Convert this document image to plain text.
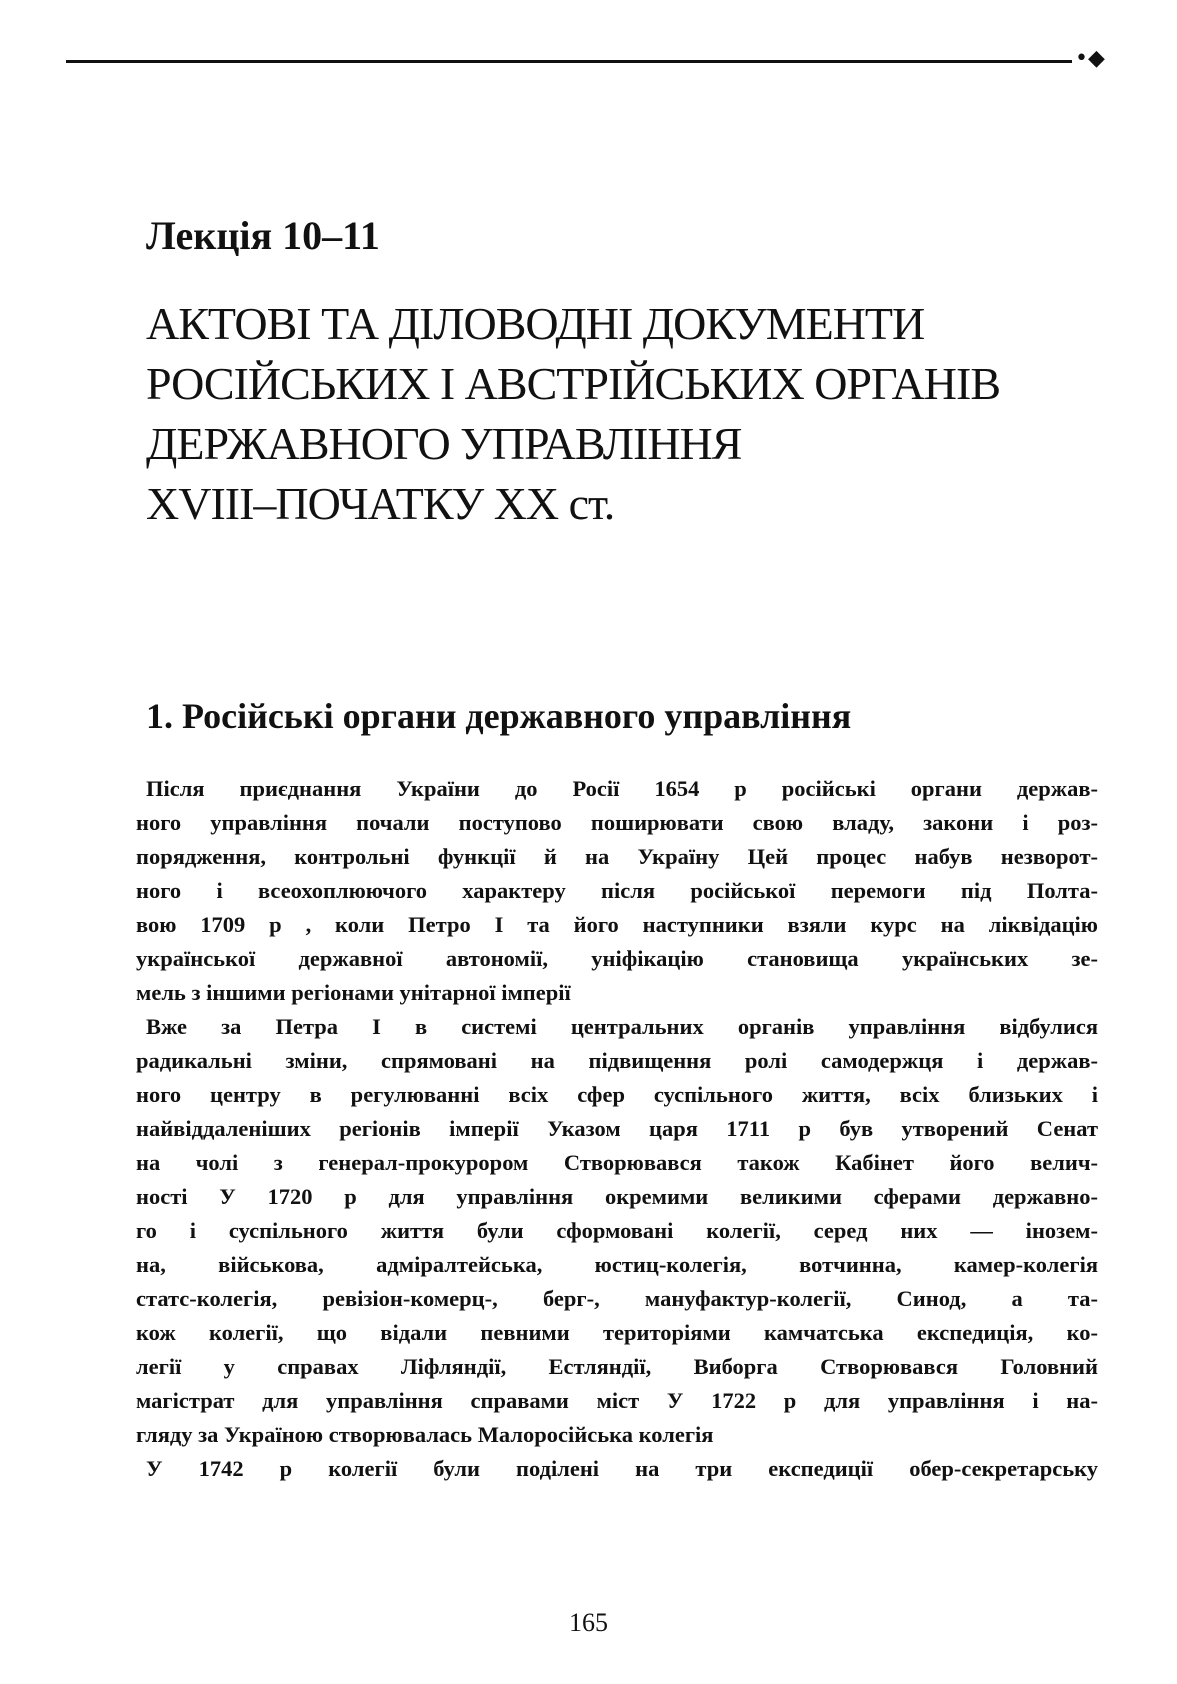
•◆
Лекція 10–11
АКТОВІ ТА ДІЛОВОДНІ ДОКУМЕНТИ
РОСІЙСЬКИХ І АВСТРІЙСЬКИХ ОРГАНІВ
ДЕРЖАВНОГО УПРАВЛІННЯ
XVIII–ПОЧАТКУ XX ст.
1. Російські органи державного управління
Після приєднання України до Росії 1654 р російські органи держав-
ного управління почали поступово поширювати свою владу, закони і роз-
порядження, контрольні функції й на Україну Цей процес набув незворот-
ного і всеохоплюючого характеру після російської перемоги під Полта-
вою 1709 р , коли Петро І та його наступники взяли курс на ліквідацію
української державної автономії, уніфікацію становища українських зе-
мель з іншими регіонами унітарної імперії
Вже за Петра І в системі центральних органів управління відбулися
радикальні зміни, спрямовані на підвищення ролі самодержця і держав-
ного центру в регулюванні всіх сфер суспільного життя, всіх близьких і
найвіддаленіших регіонів імперії Указом царя 1711 р був утворений Сенат
на чолі з генерал-прокурором Створювався також Кабінет його велич-
ності У 1720 р для управління окремими великими сферами державно-
го і суспільного життя були сформовані колегії, серед них — інозем-
на, військова, адміралтейська, юстиц-колегія, вотчинна, камер-колегія
статс-колегія, ревізіон-комерц-, берг-, мануфактур-колегії, Синод, а та-
кож колегії, що відали певними територіями камчатська експедиція, ко-
легії у справах Ліфляндії, Естляндії, Виборга Створювався Головний
магістрат для управління справами міст У 1722 р для управління і на-
гляду за Україною створювалась Малоросійська колегія
У 1742 р колегії були поділені на три експедиції обер-секретарську
165
